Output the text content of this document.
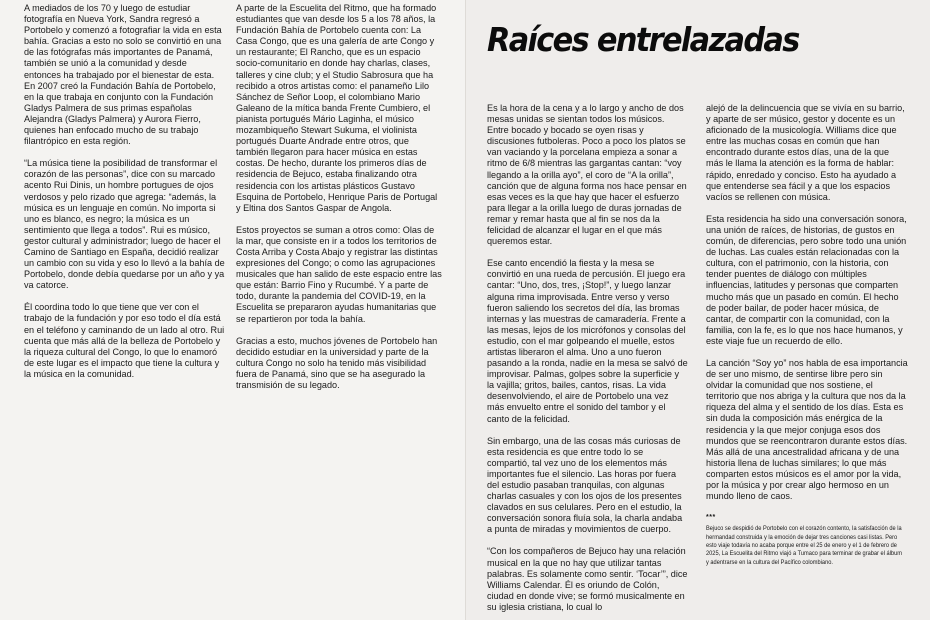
A mediados de los 70 y luego de estudiar fotografía en Nueva York, Sandra regresó a Portobelo y comenzó a fotografiar la vida en esta bahía. Gracias a esto no solo se convirtió en una de las fotógrafas más importantes de Panamá, también se unió a la comunidad y desde entonces ha trabajado por el bienestar de esta. En 2007 creó la Fundación Bahía de Portobelo, en la que trabaja en conjunto con la Fundación Gladys Palmera de sus primas españolas Alejandra (Gladys Palmera) y Aurora Fierro, quienes han enfocado mucho de su trabajo filantrópico en esta región.

“La música tiene la posibilidad de transformar el corazón de las personas”, dice con su marcado acento Rui Dinis, un hombre portugues de ojos verdosos y pelo rizado que agrega: “además, la música es un lenguaje en común. No importa si uno es blanco, es negro; la música es un sentimiento que llega a todos”. Rui es músico, gestor cultural y administrador; luego de hacer el Camino de Santiago en España, decidió realizar un cambio con su vida y eso lo llevó a la bahía de Portobelo, donde debía quedarse por un año y ya va catorce.

Él coordina todo lo que tiene que ver con el trabajo de la fundación y por eso todo el día está en el teléfono y caminando de un lado al otro. Rui cuenta que más allá de la belleza de Portobelo y la riqueza cultural del Congo, lo que lo enamoró de este lugar es el impacto que tiene la cultura y la música en la comunidad.

A parte de la Escuelita del Ritmo, que ha formado estudiantes que van desde los 5 a los 78 años, la Fundación Bahía de Portobelo cuenta con: La Casa Congo, que es una galería de arte Congo y un restaurante; El Rancho, que es un espacio socio-comunitario en donde hay charlas, clases, talleres y cine club; y el Studio Sabrosura que ha recibido a otros artistas como: el panameño Lilo Sánchez de Señor Loop, el colombiano Mario Galeano de la mítica banda Frente Cumbiero, el pianista portugués Mário Laginha, el músico mozambiqueño Stewart Sukuma, el violinista portugués Duarte Andrade entre otros, que también llegaron para hacer música en estas costas. De hecho, durante los primeros días de residencia de Bejuco, estaba finalizando otra residencia con los artistas plásticos Gustavo Esquina de Portobelo, Henrique Paris de Portugal y Eltina dos Santos Gaspar de Angola.

Estos proyectos se suman a otros como: Olas de la mar, que consiste en ir a todos los territorios de Costa Arriba y Costa Abajo y registrar las distintas expresiones del Congo; o como las agrupaciones musicales que han salido de este espacio entre las que están: Barrio Fino y Rucumbé. Y a parte de todo, durante la pandemia del COVID-19, en la Escuelita se prepararon ayudas humanitarias que se repartieron por toda la bahía.

Gracias a esto, muchos jóvenes de Portobelo han decidido estudiar en la universidad y parte de la cultura Congo no solo ha tenido más visibilidad fuera de Panamá, sino que se ha asegurado la transmisión de su legado.

Raíces entrelazadas

Es la hora de la cena y a lo largo y ancho de dos mesas unidas se sientan todos los músicos. Entre bocado y bocado se oyen risas y discusiones futboleras. Poco a poco los platos se van vaciando y la porcelana empieza a sonar a ritmo de 6/8 mientras las gargantas cantan: “voy llegando a la orilla ayo”, el coro de “A la orilla”, canción que de alguna forma nos hace pensar en esas veces es la que hay que hacer el esfuerzo para llegar a la orilla luego de duras jornadas de remar y remar hasta que al fin se nos da la felicidad de alcanzar el lugar en el que más queremos estar.

Ese canto encendió la fiesta y la mesa se convirtió en una rueda de percusión. El juego era cantar: “Uno, dos, tres, ¡Stop!”, y luego lanzar alguna rima improvisada. Entre verso y verso fueron saliendo los secretos del día, las bromas internas y las muestras de camaradería. Frente a las mesas, lejos de los micrófonos y consolas del estudio, con el mar golpeando el muelle, estos artistas liberaron el alma. Uno a uno fueron pasando a la ronda, nadie en la mesa se salvó de improvisar. Palmas, golpes sobre la superficie y la vajilla; gritos, bailes, cantos, risas. La vida desenvolviendo, el aire de Portobelo una vez más envuelto entre el sonido del tambor y el canto de la felicidad.

Sin embargo, una de las cosas más curiosas de esta residencia es que entre todo lo se compartió, tal vez uno de los elementos más importantes fue el silencio. Las horas por fuera del estudio pasaban tranquilas, con algunas charlas casuales y con los ojos de los presentes clavados en sus celulares. Pero en el estudio, la conversación sonora fluía sola, la charla andaba a punta de miradas y movimientos de cuerpo.

“Con los compañeros de Bejuco hay una relación musical en la que no hay que utilizar tantas palabras. Es solamente como sentir. ‘Tocar’”, dice Williams Calendar. Él es oriundo de Colón, ciudad en donde vive; se formó musicalmente en su iglesia cristiana, lo cual lo

alejó de la delincuencia que se vivía en su barrio, y aparte de ser músico, gestor y docente es un aficionado de la musicología. Williams dice que entre las muchas cosas en común que han encontrado durante estos días, una de la que más le llama la atención es la forma de hablar: rápido, enredado y conciso. Esto ha ayudado a que entenderse sea fácil y a que los espacios vacíos se rellenen con música.

Esta residencia ha sido una conversación sonora, una unión de raíces, de historias, de gustos en común, de diferencias, pero sobre todo una unión de luchas. Las cuales están relacionadas con la cultura, con el patrimonio, con la historia, con tender puentes de diálogo con múltiples influencias, latitudes y personas que comparten mucho más que un pasado en común. El hecho de poder bailar, de poder hacer música, de cantar, de compartir con la comunidad, con la familia, con la fe, es lo que nos hace humanos, y este viaje fue un recuerdo de ello.

La canción “Soy yo” nos habla de esa importancia de ser uno mismo, de sentirse libre pero sin olvidar la comunidad que nos sostiene, el territorio que nos abriga y la cultura que nos da la riqueza del alma y el sentido de los días. Esta es sin duda la composición más enérgica de la residencia y la que mejor conjuga esos dos mundos que se reencontraron durante estos días. Más allá de una ancestralidad africana y de una historia llena de luchas similares; lo que más comparten estos músicos es el amor por la vida, por la música y por crear algo hermoso en un mundo lleno de caos.

***
Bejuco se despidió de Portobelo con el corazón contento, la satisfacción de la hermandad construida y la emoción de dejar tres canciones casi listas. Pero esto viaje todavía no acaba porque entre el 25 de enero y el 1 de febrero de 2025, La Escuelita del Ritmo viajó a Tumaco para terminar de grabar el álbum y adentrarse en la cultura del Pacífico colombiano.
